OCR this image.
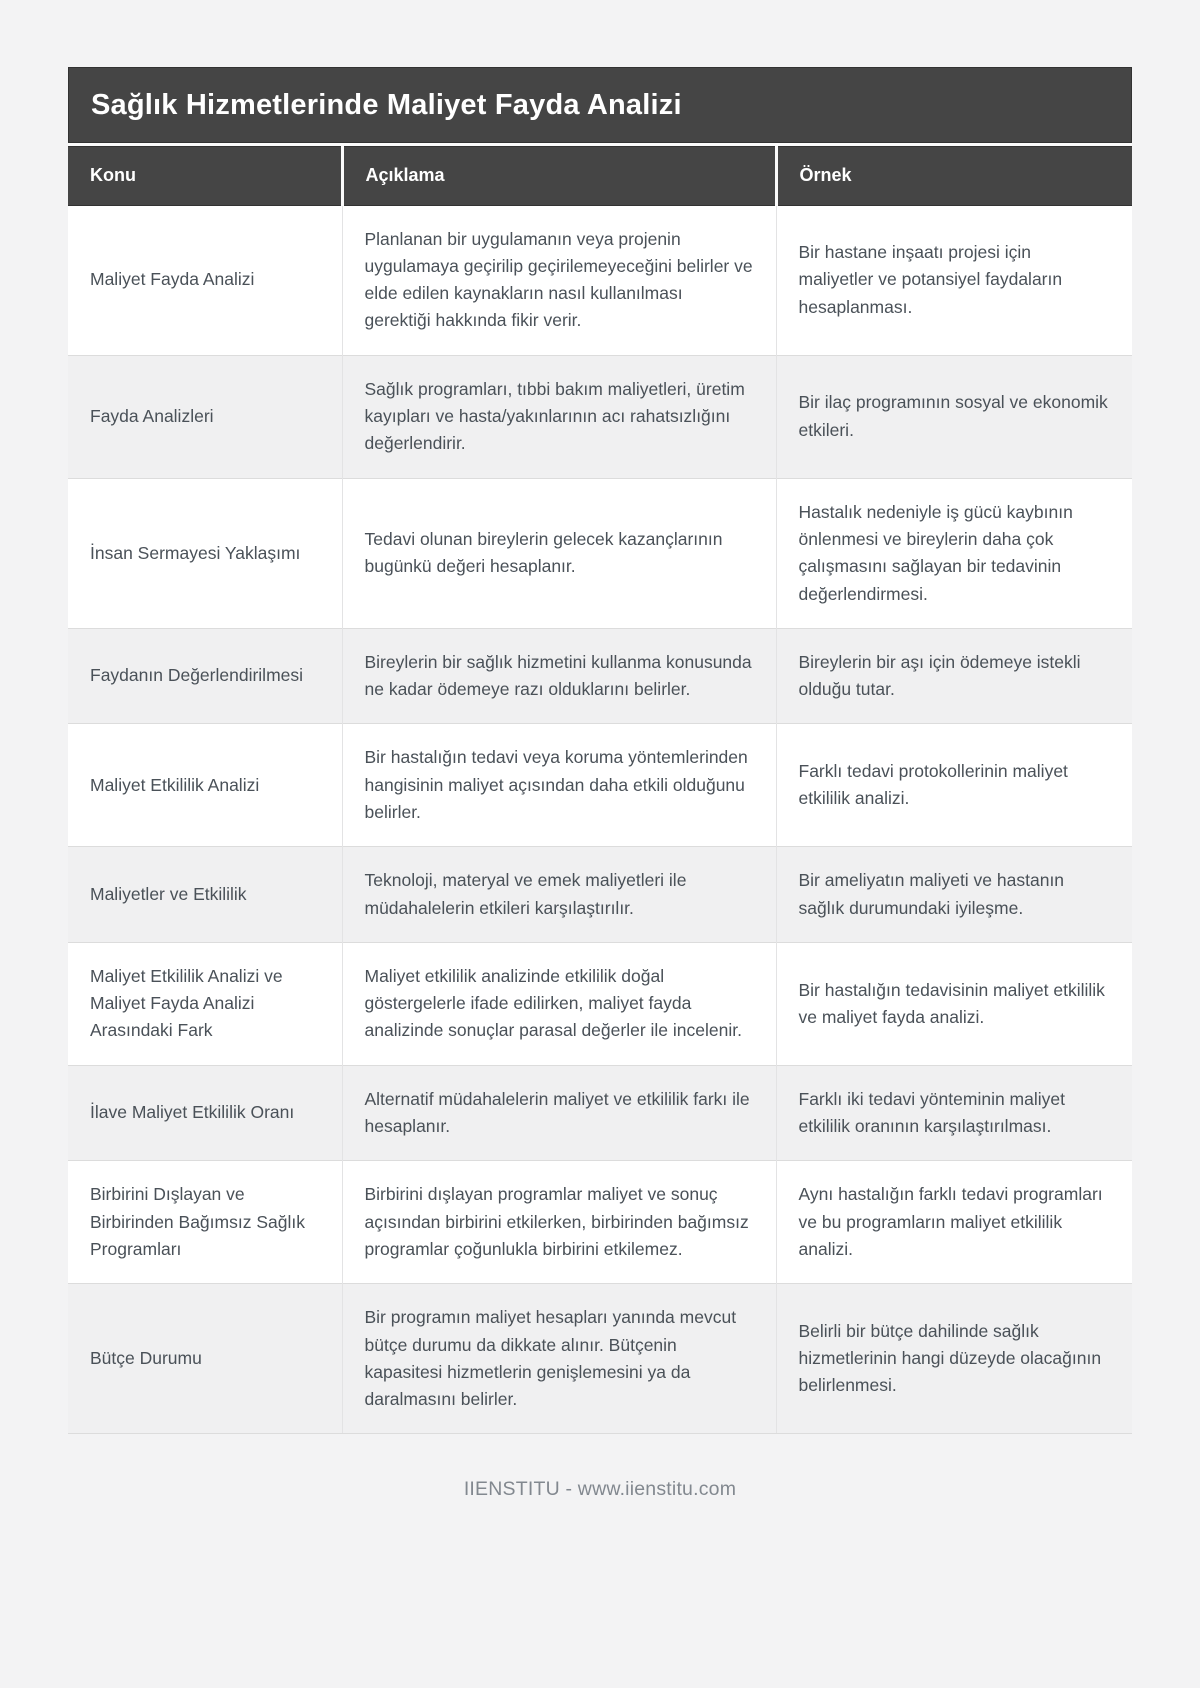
Sağlık Hizmetlerinde Maliyet Fayda Analizi
Konu	Açıklama	Örnek
Maliyet Fayda Analizi	Planlanan bir uygulamanın veya projenin uygulamaya geçirilip geçirilemeyeceğini belirler ve elde edilen kaynakların nasıl kullanılması gerektiği hakkında fikir verir.	Bir hastane inşaatı projesi için maliyetler ve potansiyel faydaların hesaplanması.
Fayda Analizleri	Sağlık programları, tıbbi bakım maliyetleri, üretim kayıpları ve hasta/yakınlarının acı rahatsızlığını değerlendirir.	Bir ilaç programının sosyal ve ekonomik etkileri.
İnsan Sermayesi Yaklaşımı	Tedavi olunan bireylerin gelecek kazançlarının bugünkü değeri hesaplanır.	Hastalık nedeniyle iş gücü kaybının önlenmesi ve bireylerin daha çok çalışmasını sağlayan bir tedavinin değerlendirmesi.
Faydanın Değerlendirilmesi	Bireylerin bir sağlık hizmetini kullanma konusunda ne kadar ödemeye razı olduklarını belirler.	Bireylerin bir aşı için ödemeye istekli olduğu tutar.
Maliyet Etkililik Analizi	Bir hastalığın tedavi veya koruma yöntemlerinden hangisinin maliyet açısından daha etkili olduğunu belirler.	Farklı tedavi protokollerinin maliyet etkililik analizi.
Maliyetler ve Etkililik	Teknoloji, materyal ve emek maliyetleri ile müdahalelerin etkileri karşılaştırılır.	Bir ameliyatın maliyeti ve hastanın sağlık durumundaki iyileşme.
Maliyet Etkililik Analizi ve Maliyet Fayda Analizi Arasındaki Fark	Maliyet etkililik analizinde etkililik doğal göstergelerle ifade edilirken, maliyet fayda analizinde sonuçlar parasal değerler ile incelenir.	Bir hastalığın tedavisinin maliyet etkililik ve maliyet fayda analizi.
İlave Maliyet Etkililik Oranı	Alternatif müdahalelerin maliyet ve etkililik farkı ile hesaplanır.	Farklı iki tedavi yönteminin maliyet etkililik oranının karşılaştırılması.
Birbirini Dışlayan ve Birbirinden Bağımsız Sağlık Programları	Birbirini dışlayan programlar maliyet ve sonuç açısından birbirini etkilerken, birbirinden bağımsız programlar çoğunlukla birbirini etkilemez.	Aynı hastalığın farklı tedavi programları ve bu programların maliyet etkililik analizi.
Bütçe Durumu	Bir programın maliyet hesapları yanında mevcut bütçe durumu da dikkate alınır. Bütçenin kapasitesi hizmetlerin genişlemesini ya da daralmasını belirler.	Belirli bir bütçe dahilinde sağlık hizmetlerinin hangi düzeyde olacağının belirlenmesi.
IIENSTITU - www.iienstitu.com
